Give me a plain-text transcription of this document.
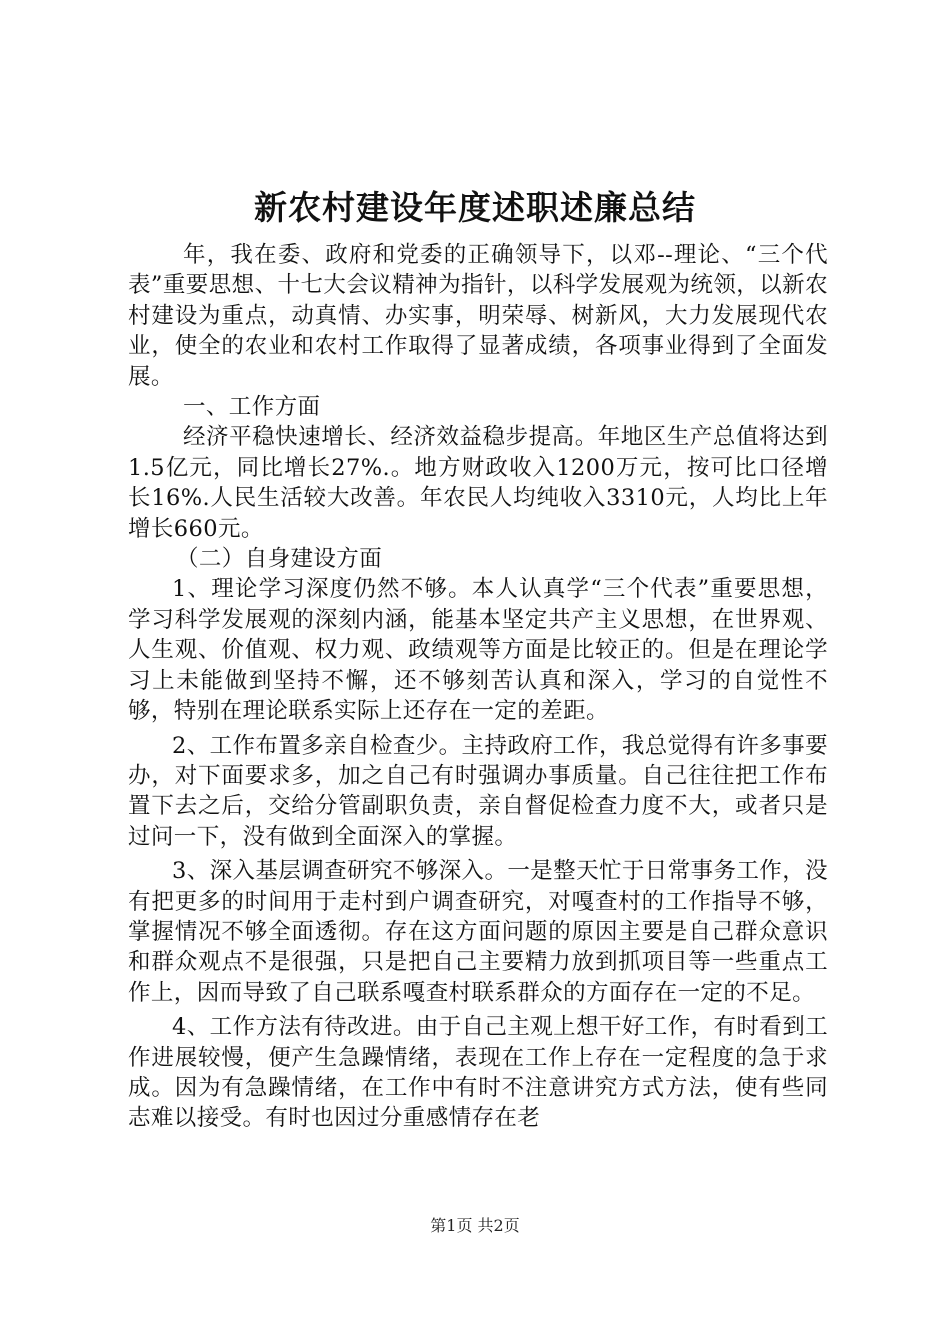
新农村建设年度述职述廉总结

年，我在委、政府和党委的正确领导下，以邓--理论、“三个代表”重要思想、十七大会议精神为指针，以科学发展观为统领，以新农村建设为重点，动真情、办实事，明荣辱、树新风，大力发展现代农业，使全的农业和农村工作取得了显著成绩，各项事业得到了全面发展。

一、工作方面

经济平稳快速增长、经济效益稳步提高。年地区生产总值将达到1.5亿元，同比增长27%.。地方财政收入1200万元，按可比口径增长16%.人民生活较大改善。年农民人均纯收入3310元，人均比上年增长660元。

（二）自身建设方面

1、理论学习深度仍然不够。本人认真学“三个代表”重要思想，学习科学发展观的深刻内涵，能基本坚定共产主义思想，在世界观、人生观、价值观、权力观、政绩观等方面是比较正的。但是在理论学习上未能做到坚持不懈，还不够刻苦认真和深入，学习的自觉性不够，特别在理论联系实际上还存在一定的差距。

2、工作布置多亲自检查少。主持政府工作，我总觉得有许多事要办，对下面要求多，加之自己有时强调办事质量。自己往往把工作布置下去之后，交给分管副职负责，亲自督促检查力度不大，或者只是过问一下，没有做到全面深入的掌握。

3、深入基层调查研究不够深入。一是整天忙于日常事务工作，没有把更多的时间用于走村到户调查研究，对嘎查村的工作指导不够，掌握情况不够全面透彻。存在这方面问题的原因主要是自己群众意识和群众观点不是很强，只是把自己主要精力放到抓项目等一些重点工作上，因而导致了自己联系嘎查村联系群众的方面存在一定的不足。

4、工作方法有待改进。由于自己主观上想干好工作，有时看到工作进展较慢，便产生急躁情绪，表现在工作上存在一定程度的急于求成。因为有急躁情绪，在工作中有时不注意讲究方式方法，使有些同志难以接受。有时也因过分重感情存在老

第1页 共2页
